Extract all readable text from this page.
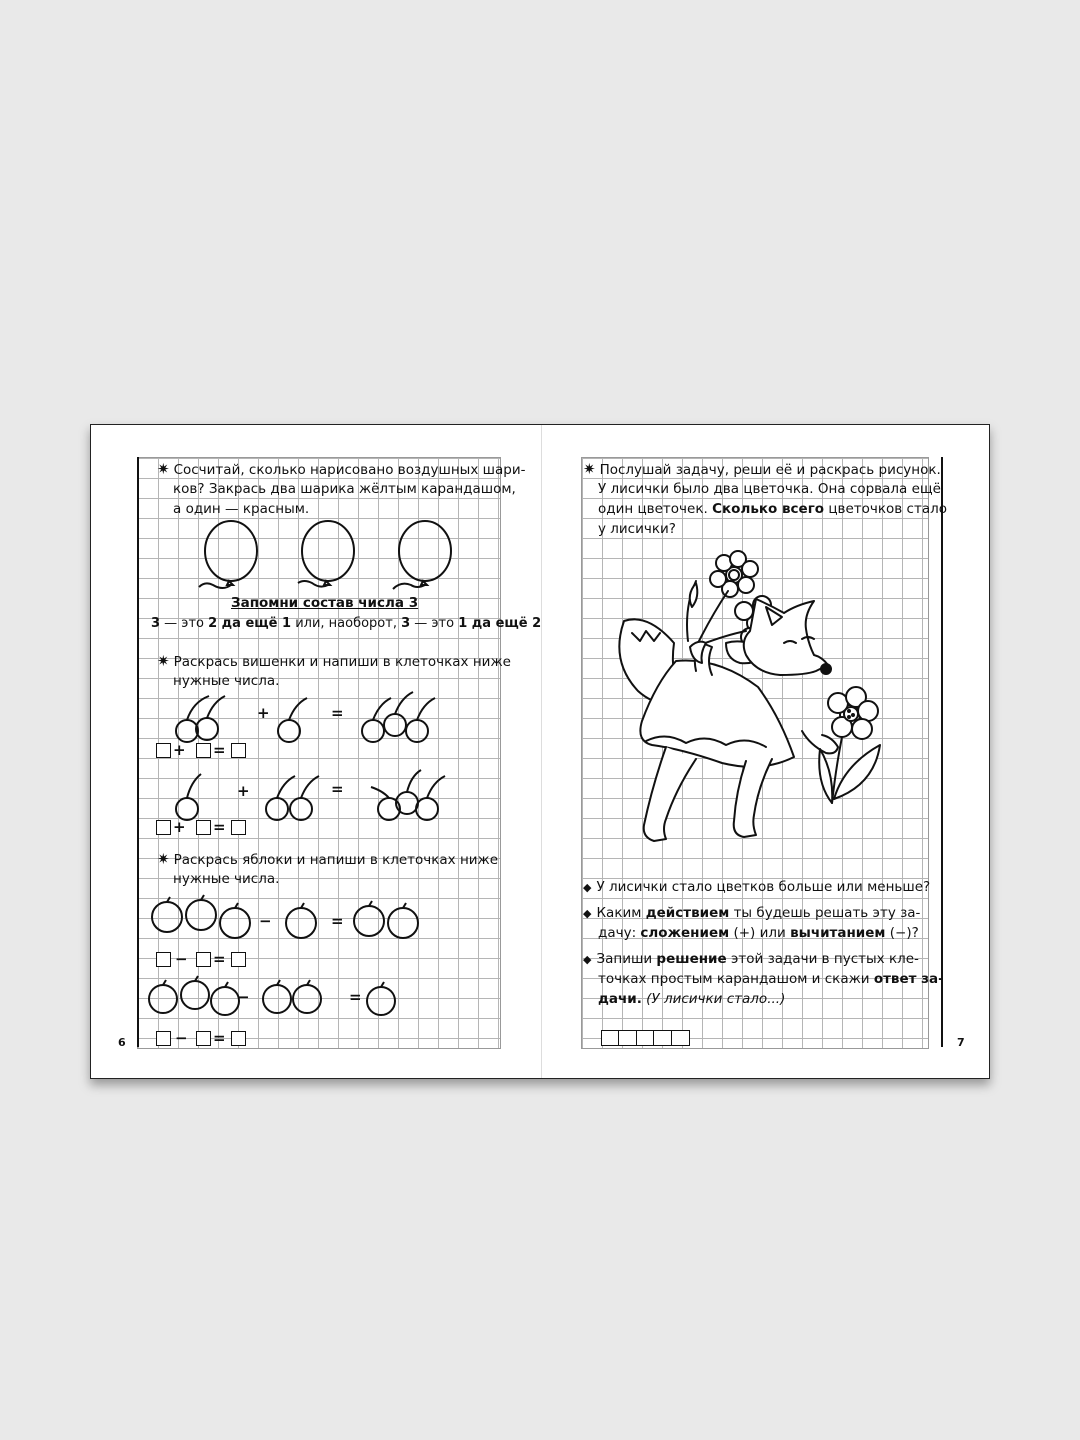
6
✷ Сосчитай, сколько нарисовано воздушных шари-
ков? Закрась два шарика жёлтым карандашом,
а один — красным.
Запомни состав числа 3
3 — это 2 да ещё 1 или, наоборот, 3 — это 1 да ещё 2
✷ Раскрась вишенки и напиши в клеточках ниже
нужные числа.
+	=
+ =
+	=
+ =
✷ Раскрась яблоки и напиши в клеточках ниже
нужные числа.
−	=
− =
−	=
− =	7
✷ Послушай задачу, реши её и раскрась рисунок.
У лисички было два цветочка. Она сорвала ещё
один цветочек. Сколько всего цветочков стало
у лисички?
◆ У лисички стало цветков больше или меньше?
◆ Каким действием ты будешь решать эту за-
дачу: сложением (+) или вычитанием (−)?
◆ Запиши решение этой задачи в пустых кле-
точках простым карандашом и скажи ответ за-
дачи. (У лисички стало...)
